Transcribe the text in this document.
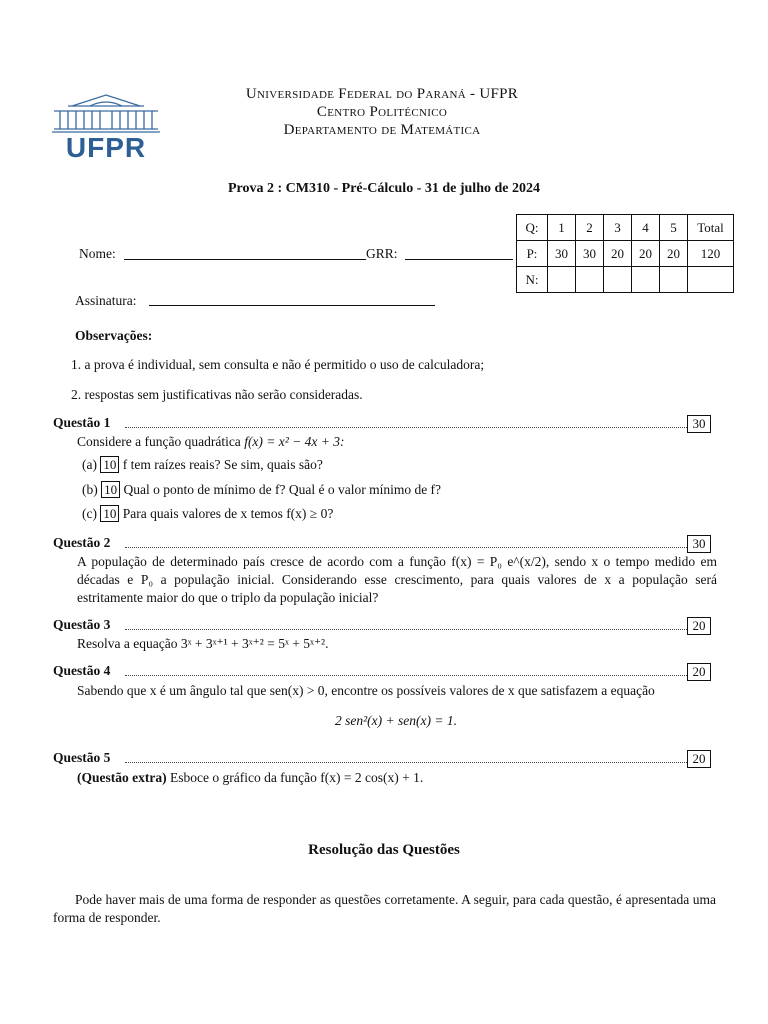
UFPR
Universidade Federal do Paraná - UFPR
Centro Politécnico
Departamento de Matemática
Prova 2 : CM310 - Pré-Cálculo - 31 de julho de 2024
Q:	1	2	3	4	5	Total
P:	30	30	20	20	20	120
N:						
Nome:	GRR:
Assinatura:
Observações:
1. a prova é individual, sem consulta e não é permitido o uso de calculadora;
2. respostas sem justificativas não serão consideradas.
Questão 1	30
Considere a função quadrática f(x) = x² − 4x + 3:
(a) 10 f tem raízes reais? Se sim, quais são?
(b) 10 Qual o ponto de mínimo de f? Qual é o valor mínimo de f?
(c) 10 Para quais valores de x temos f(x) ≥ 0?
Questão 2	30
A população de determinado país cresce de acordo com a função f(x) = P₀ e^(x/2), sendo x o tempo medido em décadas e P₀ a população inicial. Considerando esse crescimento, para quais valores de x a população será estritamente maior do que o triplo da população inicial?
Questão 3	20
Resolva a equação 3ˣ + 3ˣ⁺¹ + 3ˣ⁺² = 5ˣ + 5ˣ⁺².
Questão 4	20
Sabendo que x é um ângulo tal que sen(x) > 0, encontre os possíveis valores de x que satisfazem a equação
2 sen²(x) + sen(x) = 1.
Questão 5	20
(Questão extra) Esboce o gráfico da função f(x) = 2 cos(x) + 1.
Resolução das Questões
Pode haver mais de uma forma de responder as questões corretamente. A seguir, para cada questão, é apresentada uma forma de responder.
